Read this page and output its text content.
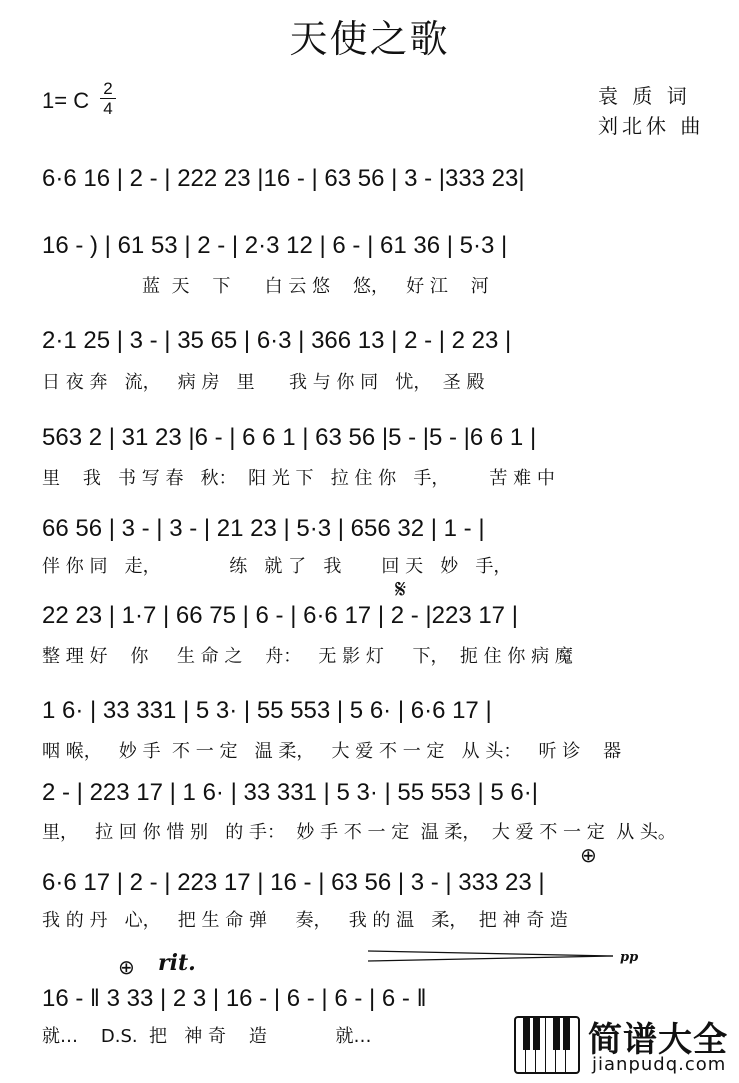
天使之歌
1= C 2
4
袁 质 词
刘北休 曲
6·6 16 | 2 - | 222 23 |16 - | 63 56 | 3 - |333 23|
16 - ) | 61 53 | 2 - | 2·3 12 | 6 - | 61 36 | 5·3 |
蓝  天    下      白 云 悠    悠，   好 江    河
2·1 25 | 3 - | 35 65 | 6·3 | 366 13 | 2 - | 2 23 |
日 夜 奔   流，   病 房   里      我 与 你 同   忧，  圣 殿
563 2 | 31 23 |6 - | 6 6 1 | 63 56 |5 - |5 - |6 6 1 |
里    我   书 写 春   秋：  阳 光 下   拉 住 你   手，       苦 难 中
66 56 | 3 - | 3 - | 21 23 | 5·3 | 656 32 | 1 - |
伴 你 同   走，            练   就 了   我       回 天   妙   手，
𝄋
22 23 | 1·7 | 66 75 | 6 - | 6·6 17 | 2 - |223 17 |
整 理 好    你     生 命 之    舟：   无 影 灯     下，  扼 住 你 病 魔
1 6· | 33 331 | 5 3· | 55 553 | 5 6· | 6·6 17 |
咽 喉，   妙 手  不 一 定   温 柔，   大 爱 不 一 定   从 头：   听 诊    器
2 - | 223 17 | 1 6· | 33 331 | 5 3· | 55 553 | 5 6·|
里，   拉 回 你 惜 别   的 手：  妙 手 不 一 定  温 柔，  大 爱 不 一 定  从 头。
⊕
6·6 17 | 2 - | 223 17 | 16 - | 63 56 | 3 - | 333 23 |
我 的 丹   心，   把 生 命 弹     奏，   我 的 温   柔，  把 神 奇 造
⊕ rit.	pp
16 - ‖ 3 33 | 2 3 | 16 - | 6 - | 6 - | 6 - ‖
就…    D.S.  把   神 奇    造            就…	简谱大全
jianpudq.com
